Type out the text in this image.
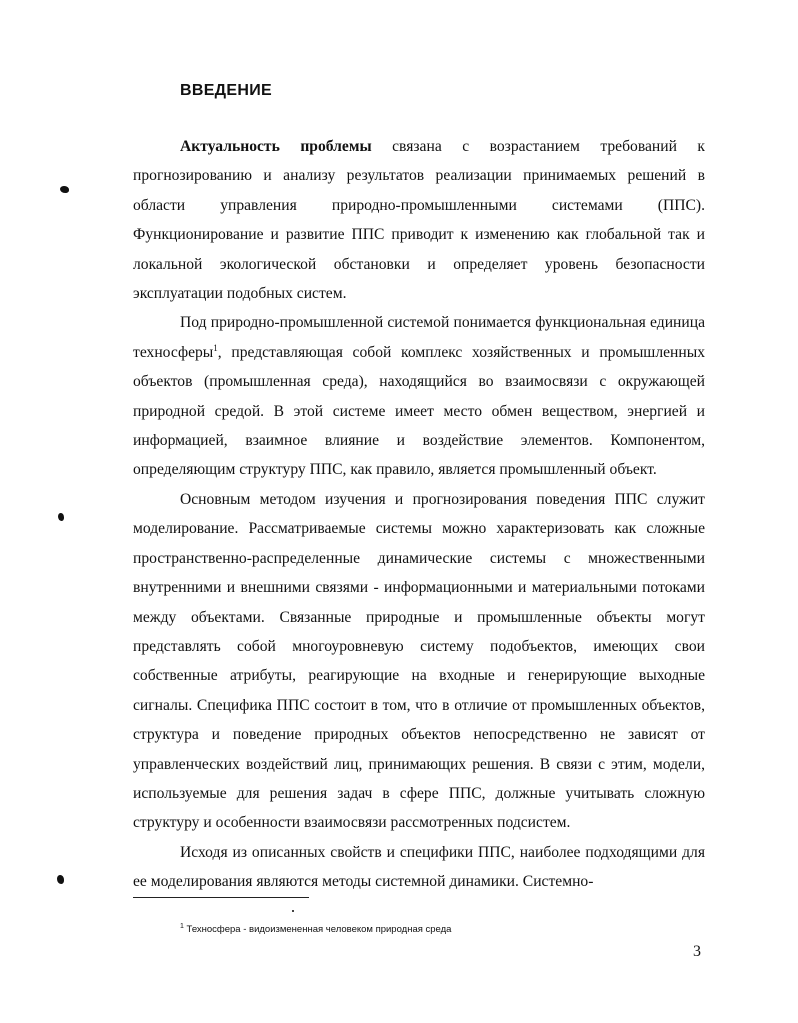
ВВЕДЕНИЕ

Актуальность проблемы связана с возрастанием требований к прогнозированию и анализу результатов реализации принимаемых решений в области управления природно-промышленными системами (ППС). Функционирование и развитие ППС приводит к изменению как глобальной так и локальной экологической обстановки и определяет уровень безопасности эксплуатации подобных систем.

Под природно-промышленной системой понимается функциональная единица техносферы$^1$, представляющая собой комплекс хозяйственных и промышленных объектов (промышленная среда), находящийся во взаимосвязи с окружающей природной средой. В этой системе имеет место обмен веществом, энергией и информацией, взаимное влияние и воздействие элементов. Компонентом, определяющим структуру ППС, как правило, является промышленный объект.

Основным методом изучения и прогнозирования поведения ППС служит моделирование. Рассматриваемые системы можно характеризовать как сложные пространственно-распределенные динамические системы с множественными внутренними и внешними связями - информационными и материальными потоками между объектами. Связанные природные и промышленные объекты могут представлять собой многоуровневую систему подобъектов, имеющих свои собственные атрибуты, реагирующие на входные и генерирующие выходные сигналы. Специфика ППС состоит в том, что в отличие от промышленных объектов, структура и поведение природных объектов непосредственно не зависят от управленческих воздействий лиц, принимающих решения. В связи с этим, модели, используемые для решения задач в сфере ППС, должные учитывать сложную структуру и особенности взаимосвязи рассмотренных подсистем.

Исходя из описанных свойств и специфики ППС, наиболее подходящими для ее моделирования являются методы системной динамики. Системно-

$^1$ Техносфера - видоизмененная человеком природная среда

3
